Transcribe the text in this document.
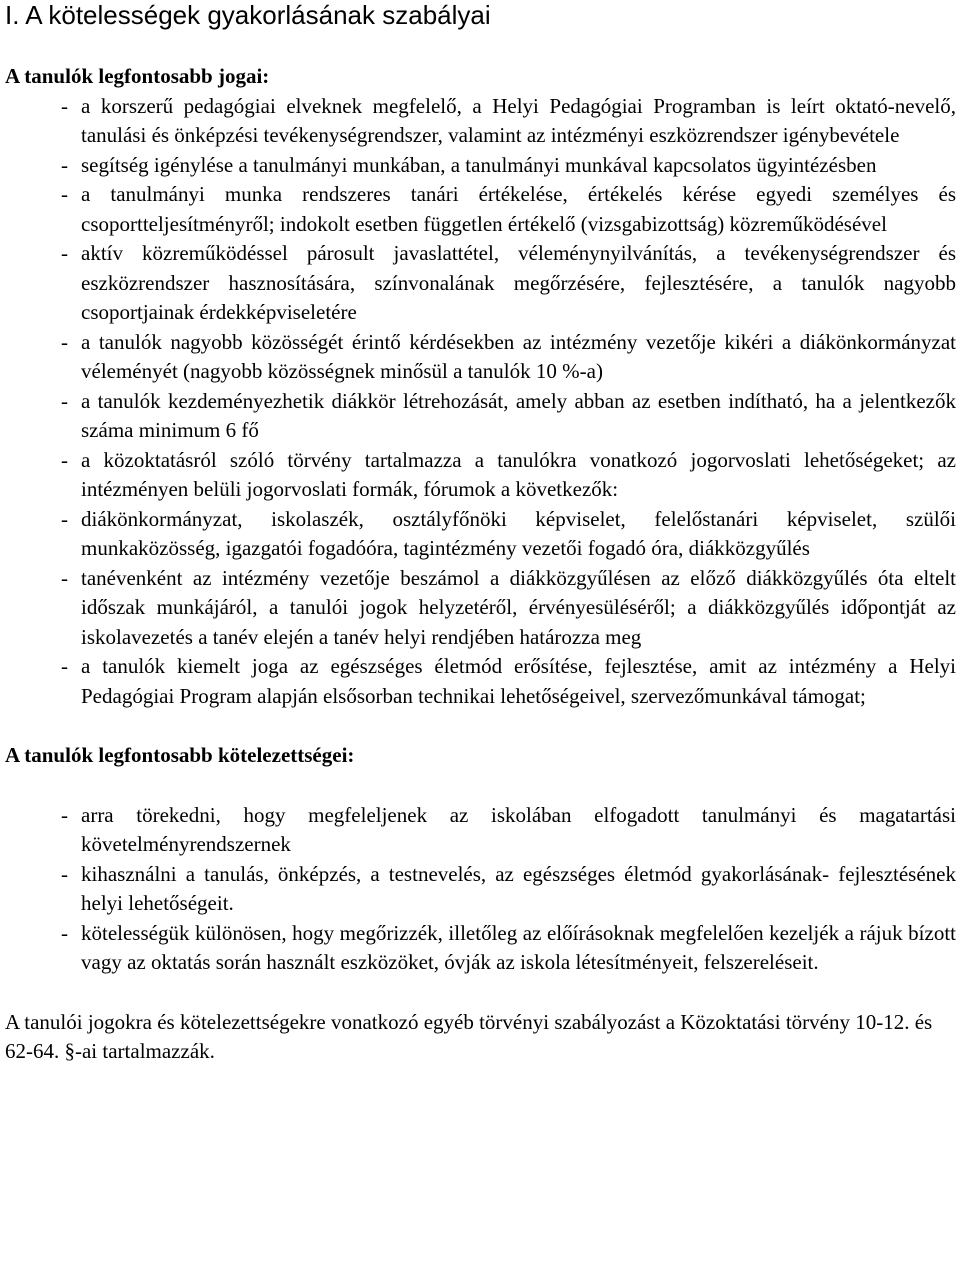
I. A kötelességek gyakorlásának szabályai
A tanulók legfontosabb jogai:
- a korszerű pedagógiai elveknek megfelelő, a Helyi Pedagógiai Programban is leírt oktató-nevelő, tanulási és önképzési tevékenységrendszer, valamint az intézményi eszközrendszer igénybevétele
- segítség igénylése a tanulmányi munkában, a tanulmányi munkával kapcsolatos ügyintézésben
- a tanulmányi munka rendszeres tanári értékelése, értékelés kérése egyedi személyes és csoportteljesítményről; indokolt esetben független értékelő (vizsgabizottság) közreműködésével
- aktív közreműködéssel párosult javaslattétel, véleménynyilvánítás, a tevékenységrendszer és eszközrendszer hasznosítására, színvonalának megőrzésére, fejlesztésére, a tanulók nagyobb csoportjainak érdekképviseletére
- a tanulók nagyobb közösségét érintő kérdésekben az intézmény vezetője kikéri a diákönkormányzat véleményét (nagyobb közösségnek minősül a tanulók 10 %-a)
- a tanulók kezdeményezhetik diákkör létrehozását, amely abban az esetben indítható, ha a jelentkezők száma minimum 6 fő
- a közoktatásról szóló törvény tartalmazza a tanulókra vonatkozó jogorvoslati lehetőségeket; az intézményen belüli jogorvoslati formák, fórumok a következők:
- diákönkormányzat, iskolaszék, osztályfőnöki képviselet, felelőstanári képviselet, szülői munkaközösség, igazgatói fogadóóra, tagintézmény vezetői fogadó óra, diákközgyűlés
- tanévenként az intézmény vezetője beszámol a diákközgyűlésen az előző diákközgyűlés óta eltelt időszak munkájáról, a tanulói jogok helyzetéről, érvényesüléséről; a diákközgyűlés időpontját az iskolavezetés a tanév elején a tanév helyi rendjében határozza meg
- a tanulók kiemelt joga az egészséges életmód erősítése, fejlesztése, amit az intézmény a Helyi Pedagógiai Program alapján elsősorban technikai lehetőségeivel, szervezőmunkával támogat;
A tanulók legfontosabb kötelezettségei:
- arra törekedni, hogy megfeleljenek az iskolában elfogadott tanulmányi és magatartási követelményrendszernek
- kihasználni a tanulás, önképzés, a testnevelés, az egészséges életmód gyakorlásának- fejlesztésének helyi lehetőségeit.
- kötelességük különösen, hogy megőrizzék, illetőleg az előírásoknak megfelelően kezeljék a rájuk bízott vagy az oktatás során használt eszközöket, óvják az iskola létesítményeit, felszereléseit.

A tanulói jogokra és kötelezettségekre vonatkozó egyéb törvényi szabályozást a Közoktatási törvény 10-12. és 62-64. §-ai tartalmazzák.
